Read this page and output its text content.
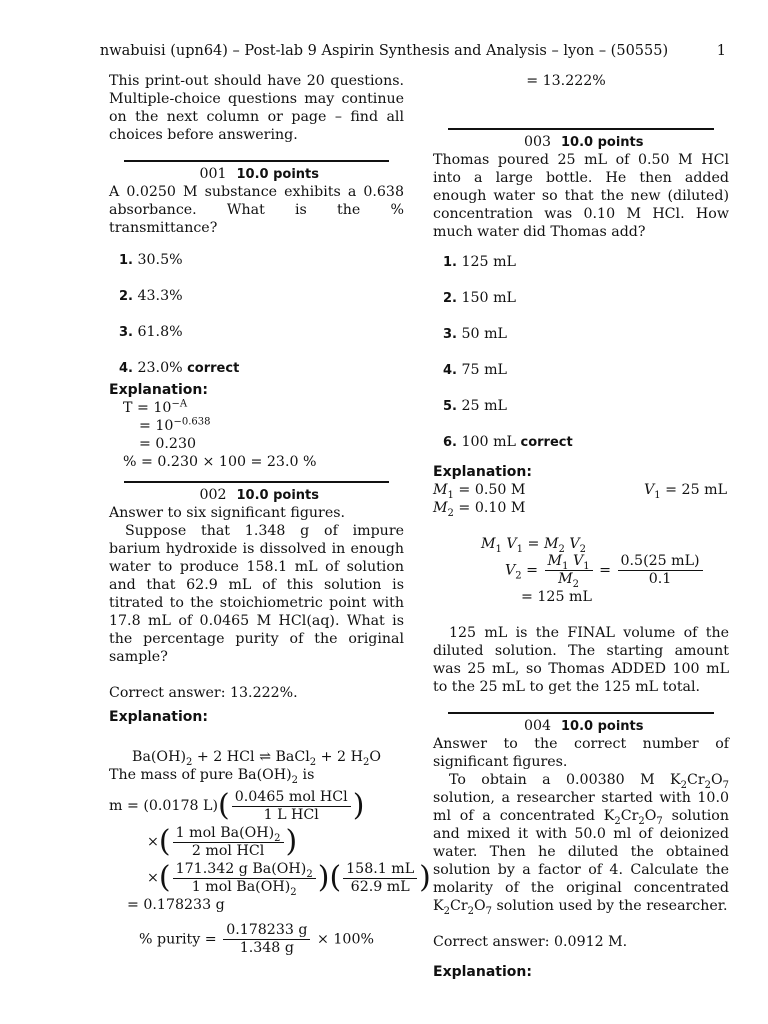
nwabuisi (upn64) – Post-lab 9 Aspirin Synthesis and Analysis – lyon – (50555)	1

This print-out should have 20 questions. Multiple-choice questions may continue on the next column or page – find all choices before answering.

001 10.0 points

A 0.0250 M substance exhibits a 0.638 absorbance. What is the % transmittance?

1. 30.5%
2. 43.3%
3. 61.8%
4. 23.0% correct
Explanation:
$T = 10^{-A}$
= $10^{-0.638}$
= 0.230
% = 0.230 × 100 = 23.0 %
002 10.0 points

Answer to six significant figures.

Suppose that 1.348 g of impure barium hydroxide is dissolved in enough water to produce 158.1 mL of solution and that 62.9 mL of this solution is titrated to the stoichiometric point with 17.8 mL of 0.0465 M HCl(aq). What is the percentage purity of the original sample?

Correct answer: 13.222%.

Explanation:
$Ba(OH)_2 + 2$ HCl ⇌ BaCl$_2$ + 2 $H_2O$

The mass of pure $Ba(OH)_2$ is

m = (0.0178 $L)( \frac{\text{0.0465 mol HCl}}{\text{1 L HCl}}$ )
×( $\frac{1 mol Ba(OH)_2}{\text{2 mol HCl}}$ )
×( $\frac{171.342 g Ba(OH)_2}{1 mol Ba(OH)_2}$ )( $\frac{158.1 mL}{62.9 mL}$ )
= 0.178233 g
% purity = $\frac{0.178233 g}{1.348 g} \times 100\%$
= 13.222%
003 10.0 points

Thomas poured 25 mL of 0.50 M HCl into a large bottle. He then added enough water so that the new (diluted) concentration was 0.10 M HCl. How much water did Thomas add?

1. 125 mL
2. 150 mL
3. 50 mL
4. 75 mL
5. 25 mL
6. 100 mL correct
Explanation:
$M_1 = 0.50$ M	$V_1 = 25$ mL
$M_2 = 0.10$ M
$M_1$ $V_1 = M_2$ $V_2$
$V_2 = \frac{M_1 V_1}{M_2} = \frac{0.5(25 mL)}{0.1}$
= 125 mL

125 mL is the FINAL volume of the diluted solution. The starting amount was 25 mL, so Thomas ADDED 100 mL to the 25 mL to get the 125 mL total.

004 10.0 points

Answer to the correct number of significant figures.

To obtain a 0.00380 M $K_2Cr_2O_7$ solution, a researcher started with 10.0 ml of a concentrated $K_2Cr_2O_7$ solution and mixed it with 50.0 ml of deionized water. Then he diluted the obtained solution by a factor of 4. Calculate the molarity of the original concentrated $K_2Cr_2O_7$ solution used by the researcher.

Correct answer: 0.0912 M.

Explanation:
